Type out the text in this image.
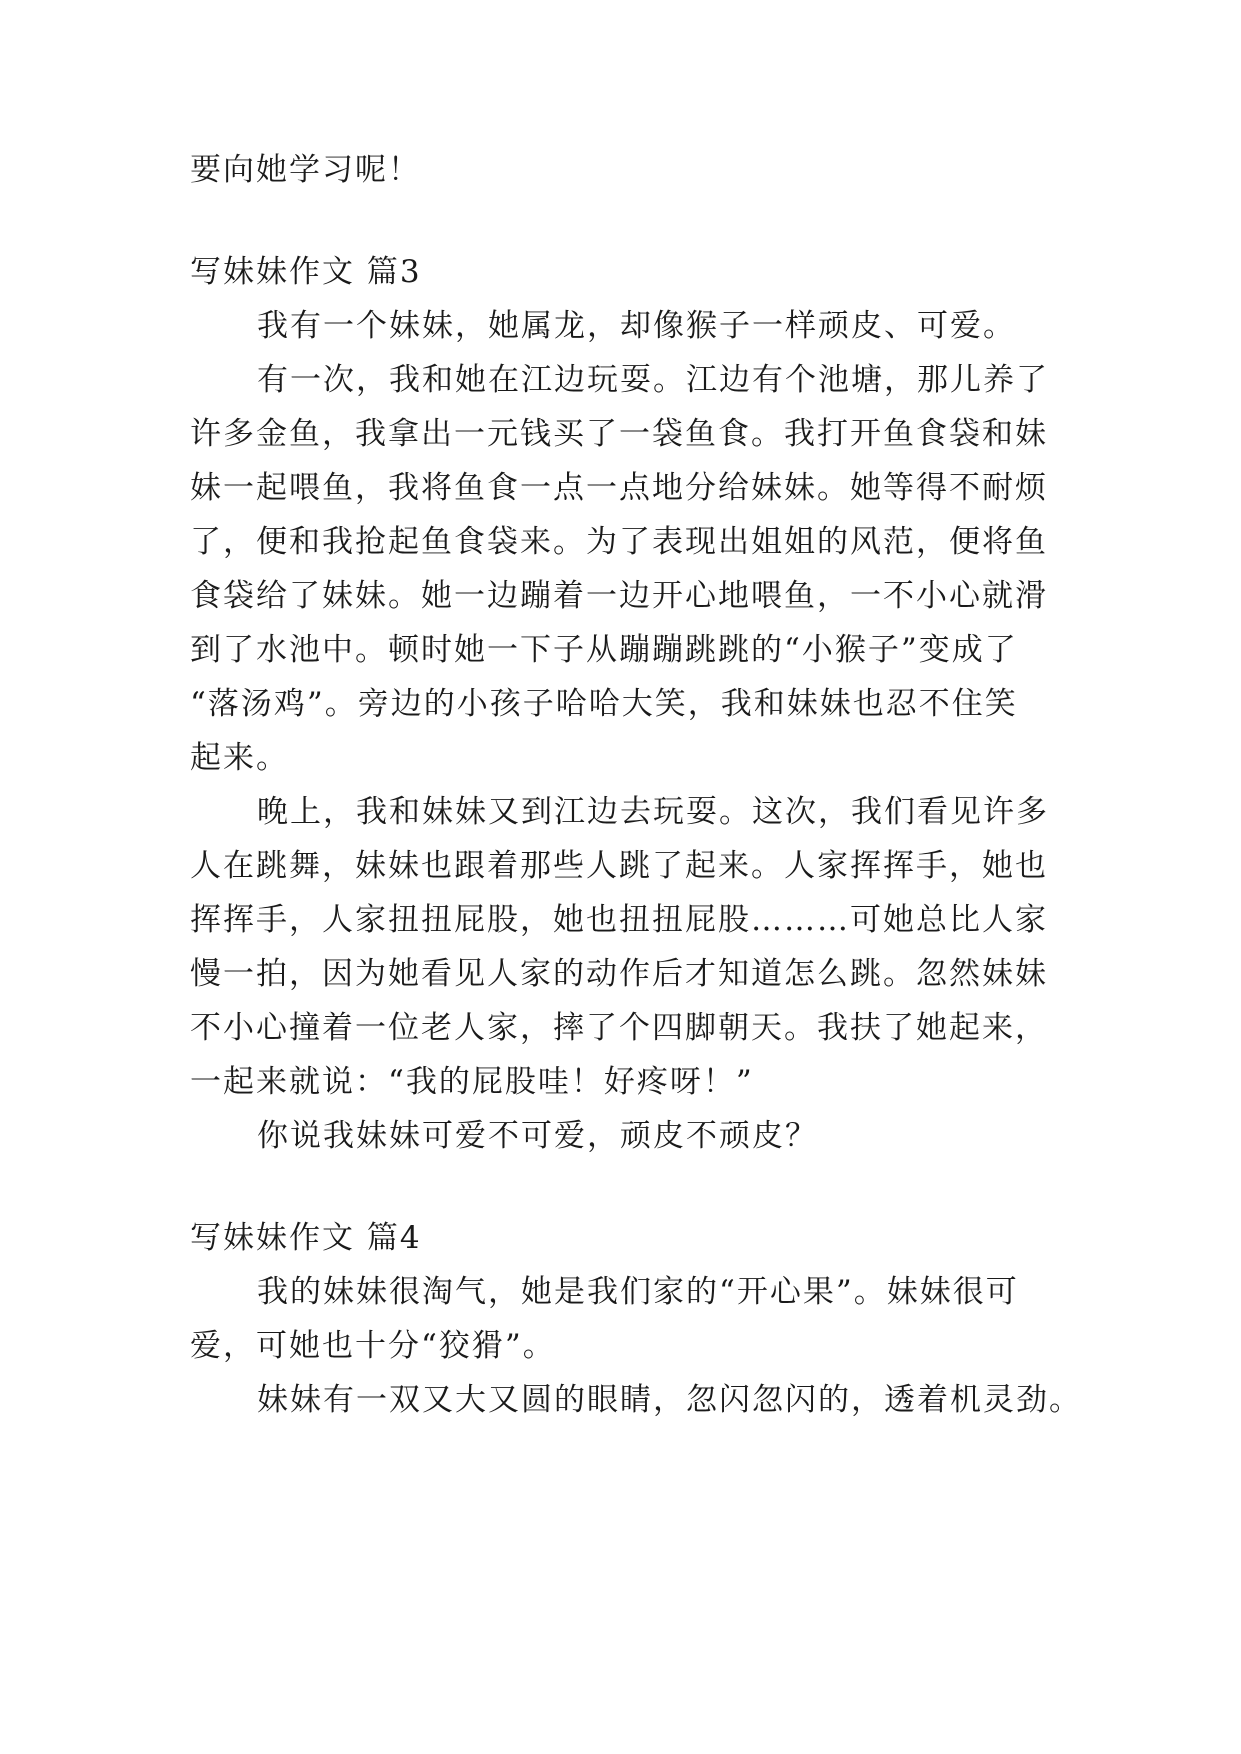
要向她学习呢！
写妹妹作文 篇3
我有一个妹妹，她属龙，却像猴子一样顽皮、可爱。
有一次，我和她在江边玩耍。江边有个池塘，那儿养了
许多金鱼，我拿出一元钱买了一袋鱼食。我打开鱼食袋和妹
妹一起喂鱼，我将鱼食一点一点地分给妹妹。她等得不耐烦
了，便和我抢起鱼食袋来。为了表现出姐姐的风范，便将鱼
食袋给了妹妹。她一边蹦着一边开心地喂鱼，一不小心就滑
到了水池中。顿时她一下子从蹦蹦跳跳的“小猴子”变成了
“落汤鸡”。旁边的小孩子哈哈大笑，我和妹妹也忍不住笑
起来。
晚上，我和妹妹又到江边去玩耍。这次，我们看见许多
人在跳舞，妹妹也跟着那些人跳了起来。人家挥挥手，她也
挥挥手，人家扭扭屁股，她也扭扭屁股………可她总比人家
慢一拍，因为她看见人家的动作后才知道怎么跳。忽然妹妹
不小心撞着一位老人家，摔了个四脚朝天。我扶了她起来，
一起来就说：“我的屁股哇！好疼呀！”
你说我妹妹可爱不可爱，顽皮不顽皮？
写妹妹作文 篇4
我的妹妹很淘气，她是我们家的“开心果”。妹妹很可
爱，可她也十分“狡猾”。
妹妹有一双又大又圆的眼睛，忽闪忽闪的，透着机灵劲。
